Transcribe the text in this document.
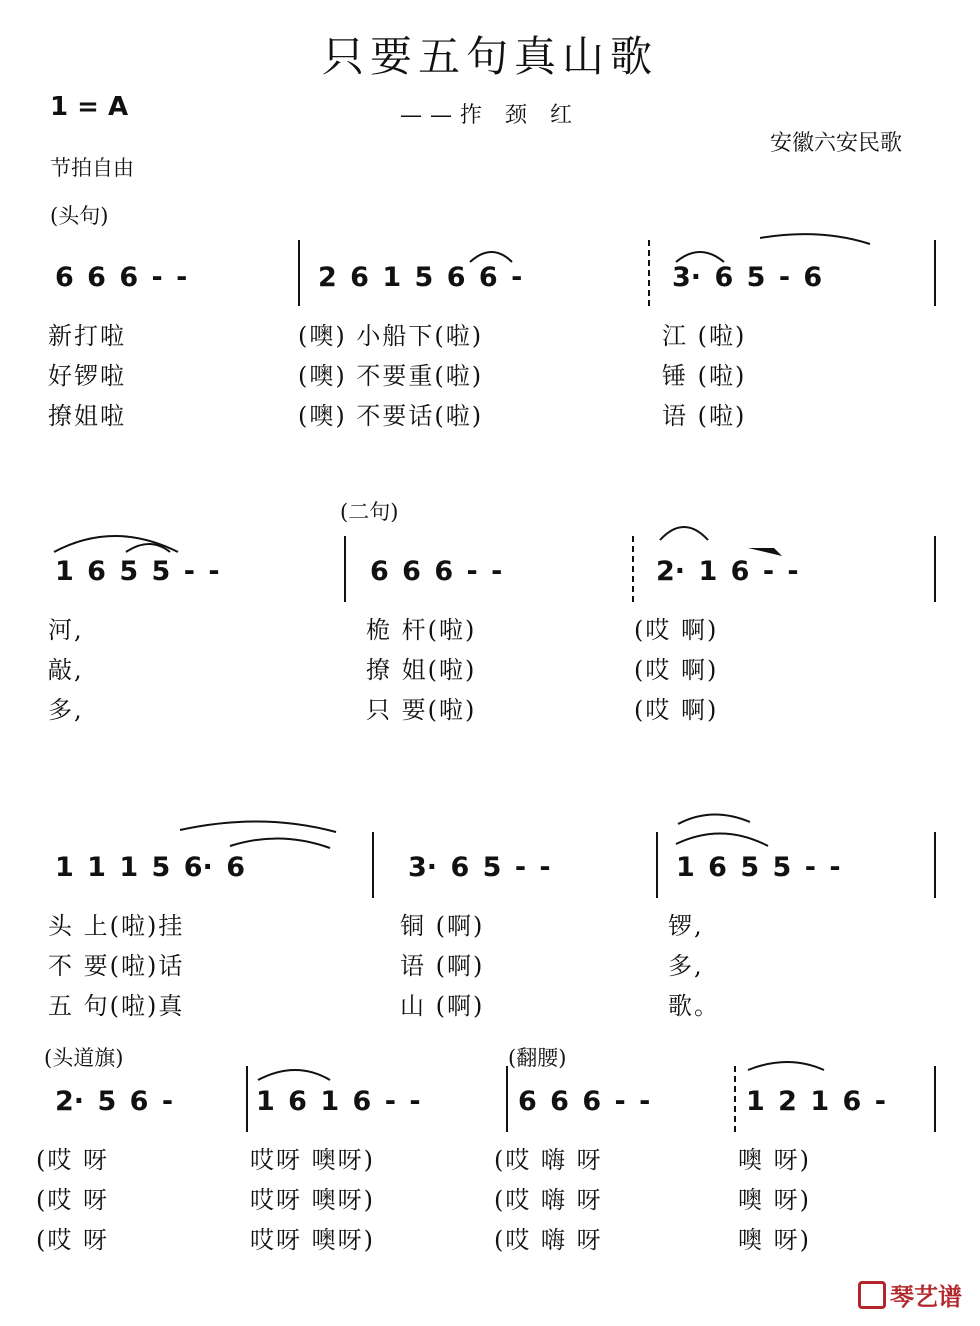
只要五句真山歌
1 = A	——拃 颈 红
安徽六安民歌
节拍自由
(头句)
6 6 6 - -	2 6 1 5 6 6 -	3· 6 5 - 6
新打啦	(噢) 小船下(啦)	江 (啦)
好锣啦	(噢) 不要重(啦)	锤 (啦)
撩姐啦	(噢) 不要话(啦)	语 (啦)
(二句)
1 6 5 5 - -	6 6 6 - -	2· 1 6 - -
河,	桅 杆(啦)	(哎 啊)
敲,	撩 姐(啦)	(哎 啊)
多,	只 要(啦)	(哎 啊)
1 1 1 5 6· 6	3· 6 5 - -	1 6 5 5 - -
头 上(啦)挂	铜 (啊)	锣,
不 要(啦)话	语 (啊)	多,
五 句(啦)真	山 (啊)	歌。
(头道旗)	(翻腰)
2· 5 6 -	1 6 1 6 - -	6 6 6 - -	1 2 1 6 -
(哎 呀	哎呀 噢呀)	(哎 嗨 呀	噢 呀)
(哎 呀	哎呀 噢呀)	(哎 嗨 呀	噢 呀)
(哎 呀	哎呀 噢呀)	(哎 嗨 呀	噢 呀)
琴艺谱
